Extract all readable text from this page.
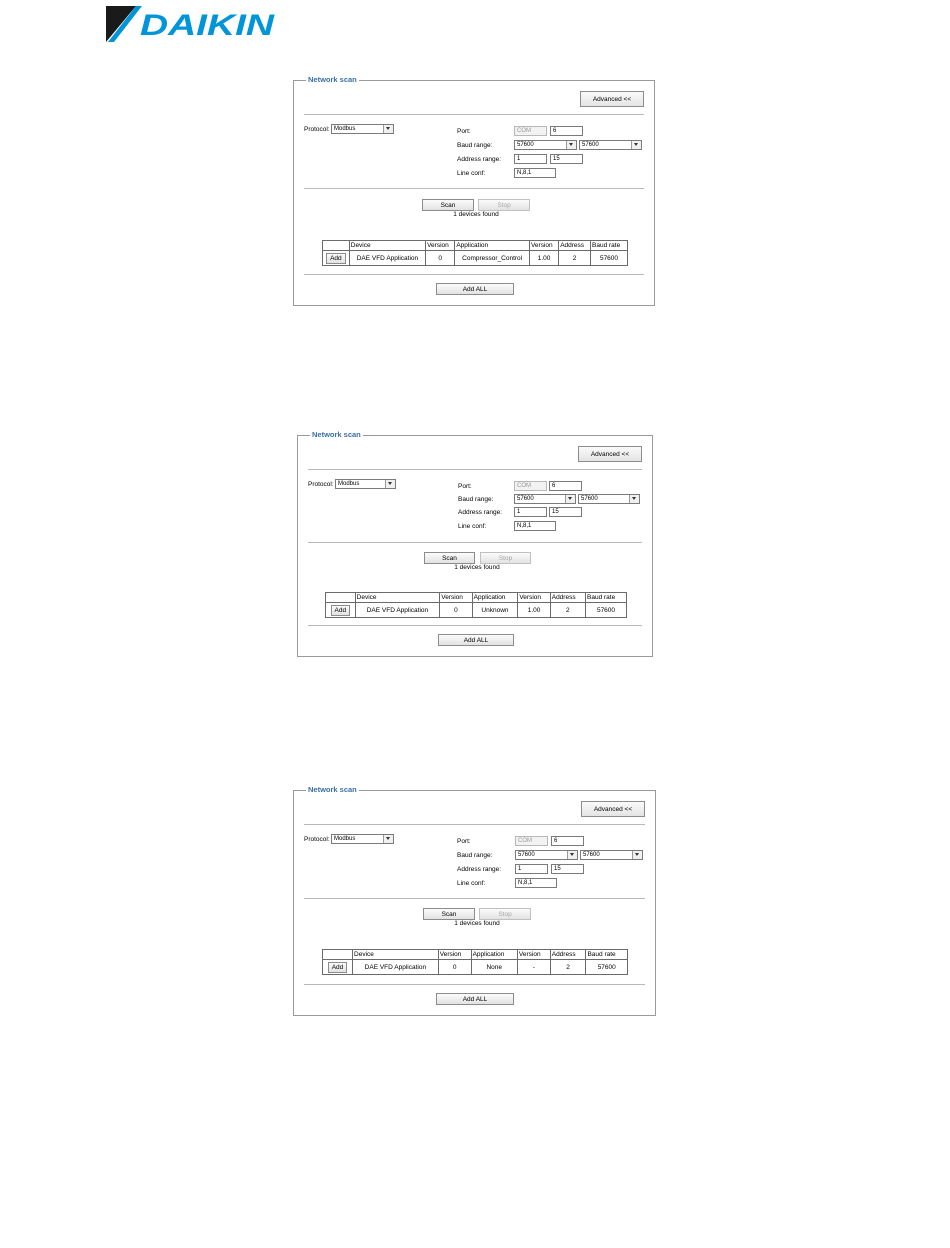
DAIKIN
Network scan
Advanced <<
Protocol: Modbus	Port:	COM	6
Baud range:	57600	57600
Address range:	1	15
Line conf:	N,8,1
Scan	Stop
1 devices found
	Device	Version	Application	Version	Address	Baud rate
Add	DAE VFD Application	0	Compressor_Control	1.00	2	57600
Add ALL
Network scan
Advanced <<
Protocol: Modbus	Port:	COM	6
Baud range:	57600	57600
Address range:	1	15
Line conf:	N,8,1
Scan	Stop
1 devices found
	Device	Version	Application	Version	Address	Baud rate
Add	DAE VFD Application	0	Unknown	1.00	2	57600
Add ALL
Network scan
Advanced <<
Protocol: Modbus	Port:	COM	6
Baud range:	57600	57600
Address range:	1	15
Line conf:	N,8,1
Scan	Stop
1 devices found
	Device	Version	Application	Version	Address	Baud rate
Add	DAE VFD Application	0	None	-	2	57600
Add ALL
